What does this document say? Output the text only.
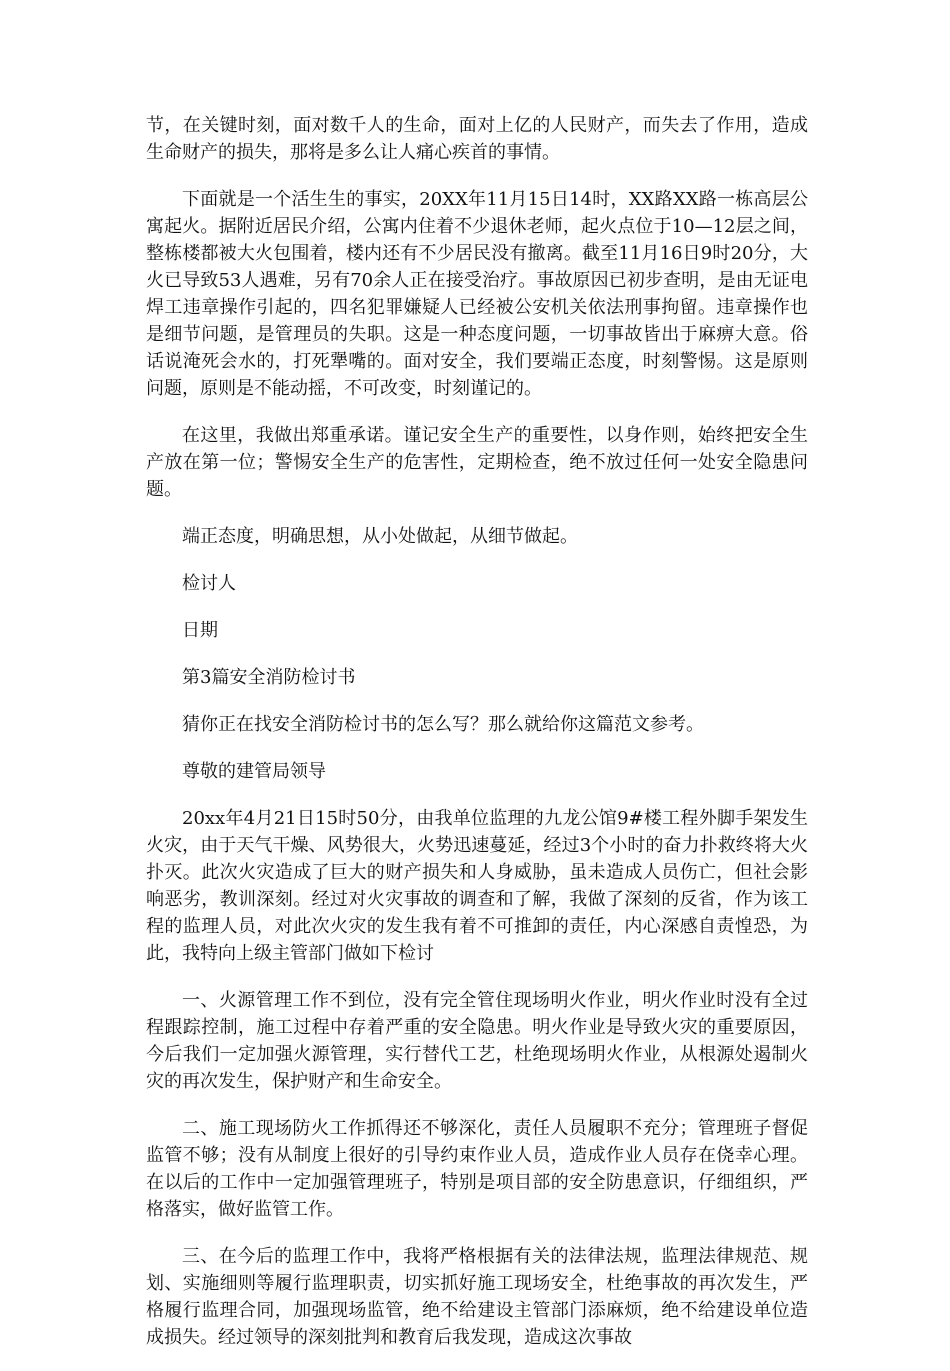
节，在关键时刻，面对数千人的生命，面对上亿的人民财产，而失去了作用，造成生命财产的损失，那将是多么让人痛心疾首的事情。

下面就是一个活生生的事实，20XX年11月15日14时，XX路XX路一栋高层公寓起火。据附近居民介绍，公寓内住着不少退休老师，起火点位于10—12层之间，整栋楼都被大火包围着，楼内还有不少居民没有撤离。截至11月16日9时20分，大火已导致53人遇难，另有70余人正在接受治疗。事故原因已初步查明，是由无证电焊工违章操作引起的，四名犯罪嫌疑人已经被公安机关依法刑事拘留。违章操作也是细节问题，是管理员的失职。这是一种态度问题，一切事故皆出于麻痹大意。俗话说淹死会水的，打死犟嘴的。面对安全，我们要端正态度，时刻警惕。这是原则问题，原则是不能动摇，不可改变，时刻谨记的。

在这里，我做出郑重承诺。谨记安全生产的重要性，以身作则，始终把安全生产放在第一位；警惕安全生产的危害性，定期检查，绝不放过任何一处安全隐患问题。

端正态度，明确思想，从小处做起，从细节做起。

检讨人

日期

第3篇安全消防检讨书

猜你正在找安全消防检讨书的怎么写？那么就给你这篇范文参考。

尊敬的建管局领导

20xx年4月21日15时50分，由我单位监理的九龙公馆9#楼工程外脚手架发生火灾，由于天气干燥、风势很大，火势迅速蔓延，经过3个小时的奋力扑救终将大火扑灭。此次火灾造成了巨大的财产损失和人身威胁，虽未造成人员伤亡，但社会影响恶劣，教训深刻。经过对火灾事故的调查和了解，我做了深刻的反省，作为该工程的监理人员，对此次火灾的发生我有着不可推卸的责任，内心深感自责惶恐，为此，我特向上级主管部门做如下检讨

一、火源管理工作不到位，没有完全管住现场明火作业，明火作业时没有全过程跟踪控制，施工过程中存着严重的安全隐患。明火作业是导致火灾的重要原因，今后我们一定加强火源管理，实行替代工艺，杜绝现场明火作业，从根源处遏制火灾的再次发生，保护财产和生命安全。

二、施工现场防火工作抓得还不够深化，责任人员履职不充分；管理班子督促监管不够；没有从制度上很好的引导约束作业人员，造成作业人员存在侥幸心理。在以后的工作中一定加强管理班子，特别是项目部的安全防患意识，仔细组织，严格落实，做好监管工作。

三、在今后的监理工作中，我将严格根据有关的法律法规，监理法律规范、规划、实施细则等履行监理职责，切实抓好施工现场安全，杜绝事故的再次发生，严格履行监理合同，加强现场监管，绝不给建设主管部门添麻烦，绝不给建设单位造成损失。经过领导的深刻批判和教育后我发现，造成这次事故
